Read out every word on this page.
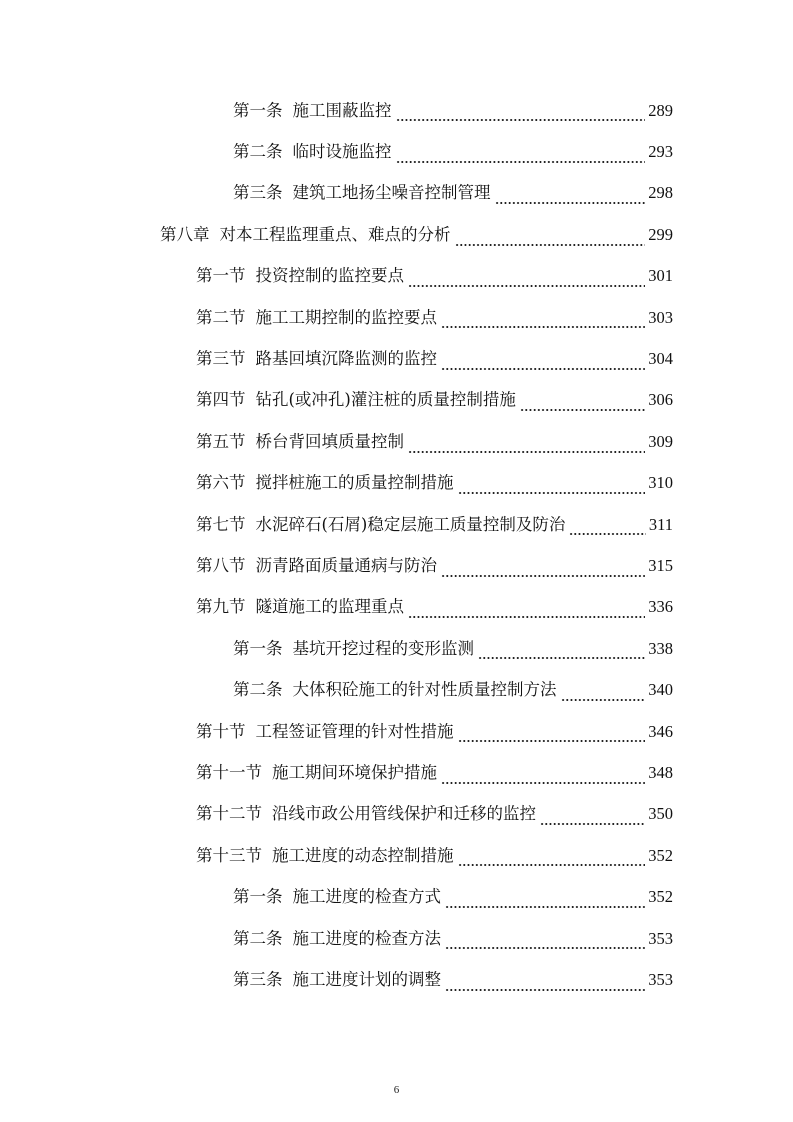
第一条 施工围蔽监控	289
第二条 临时设施监控	293
第三条 建筑工地扬尘噪音控制管理	298
第八章 对本工程监理重点、难点的分析	299
第一节 投资控制的监控要点	301
第二节 施工工期控制的监控要点	303
第三节 路基回填沉降监测的监控	304
第四节 钻孔(或冲孔)灌注桩的质量控制措施	306
第五节 桥台背回填质量控制	309
第六节 搅拌桩施工的质量控制措施	310
第七节 水泥碎石(石屑)稳定层施工质量控制及防治	311
第八节 沥青路面质量通病与防治	315
第九节 隧道施工的监理重点	336
第一条 基坑开挖过程的变形监测	338
第二条 大体积砼施工的针对性质量控制方法	340
第十节 工程签证管理的针对性措施	346
第十一节 施工期间环境保护措施	348
第十二节 沿线市政公用管线保护和迁移的监控	350
第十三节 施工进度的动态控制措施	352
第一条 施工进度的检查方式	352
第二条 施工进度的检查方法	353
第三条 施工进度计划的调整	353
6
